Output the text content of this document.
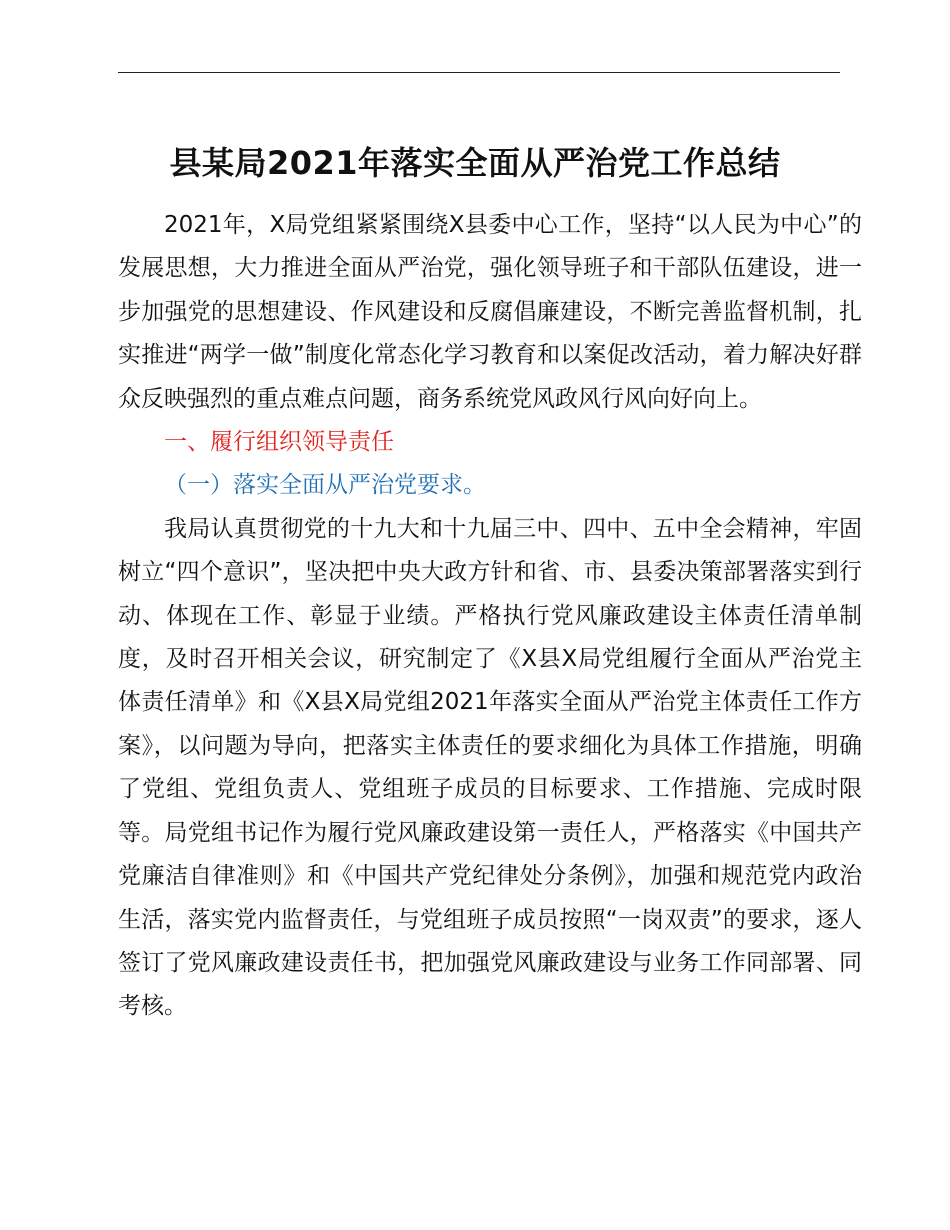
县某局2021年落实全面从严治党工作总结

2021年，X局党组紧紧围绕X县委中心工作，坚持“以人民为中心”的发展思想，大力推进全面从严治党，强化领导班子和干部队伍建设，进一步加强党的思想建设、作风建设和反腐倡廉建设，不断完善监督机制，扎实推进“两学一做”制度化常态化学习教育和以案促改活动，着力解决好群众反映强烈的重点难点问题，商务系统党风政风行风向好向上。

一、履行组织领导责任

（一）落实全面从严治党要求。

我局认真贯彻党的十九大和十九届三中、四中、五中全会精神，牢固树立“四个意识”，坚决把中央大政方针和省、市、县委决策部署落实到行动、体现在工作、彰显于业绩。严格执行党风廉政建设主体责任清单制度，及时召开相关会议，研究制定了《X县X局党组履行全面从严治党主体责任清单》和《X县X局党组2021年落实全面从严治党主体责任工作方案》，以问题为导向，把落实主体责任的要求细化为具体工作措施，明确了党组、党组负责人、党组班子成员的目标要求、工作措施、完成时限等。局党组书记作为履行党风廉政建设第一责任人，严格落实《中国共产党廉洁自律准则》和《中国共产党纪律处分条例》，加强和规范党内政治生活，落实党内监督责任，与党组班子成员按照“一岗双责”的要求，逐人签订了党风廉政建设责任书，把加强党风廉政建设与业务工作同部署、同考核。
